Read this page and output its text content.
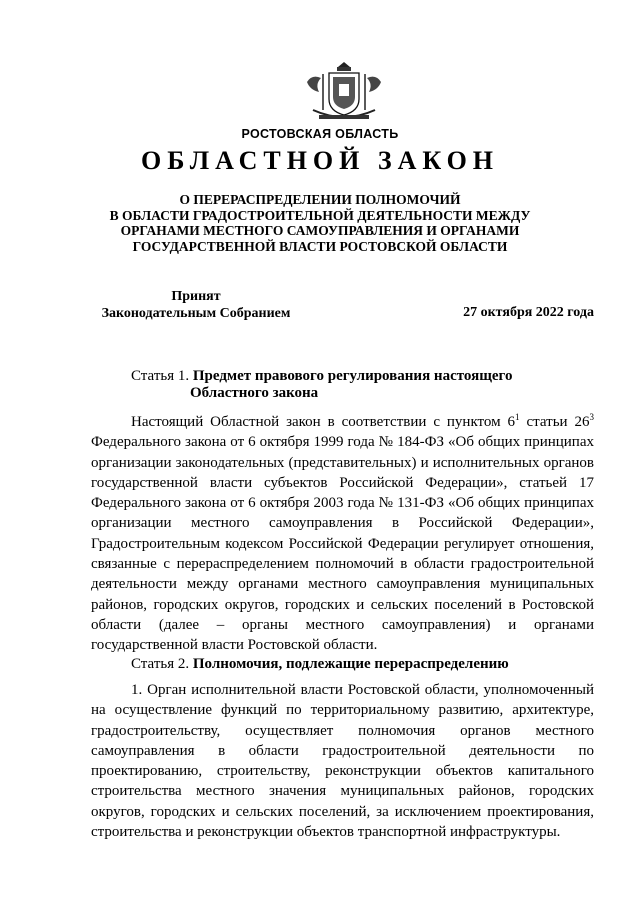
РОСТОВСКАЯ ОБЛАСТЬ
ОБЛАСТНОЙ ЗАКОН
О ПЕРЕРАСПРЕДЕЛЕНИИ ПОЛНОМОЧИЙ
В ОБЛАСТИ ГРАДОСТРОИТЕЛЬНОЙ ДЕЯТЕЛЬНОСТИ МЕЖДУ
ОРГАНАМИ МЕСТНОГО САМОУПРАВЛЕНИЯ И ОРГАНАМИ
ГОСУДАРСТВЕННОЙ ВЛАСТИ РОСТОВСКОЙ ОБЛАСТИ
Принят
Законодательным Собранием	27 октября 2022 года
Статья 1. Предмет правового регулирования настоящего
Областного закона
Настоящий Областной закон в соответствии с пунктом $6^1$ статьи $26^3$ Федерального закона от 6 октября 1999 года № 184-ФЗ «Об общих принципах организации законодательных (представительных) и исполнительных органов государственной власти субъектов Российской Федерации», статьей 17 Федерального закона от 6 октября 2003 года № 131-ФЗ «Об общих принципах организации местного самоуправления в Российской Федерации», Градостроительным кодексом Российской Федерации регулирует отношения, связанные с перераспределением полномочий в области градостроительной деятельности между органами местного самоуправления муниципальных районов, городских округов, городских и сельских поселений в Ростовской области (далее – органы местного самоуправления) и органами государственной власти Ростовской области.
Статья 2. Полномочия, подлежащие перераспределению
1. Орган исполнительной власти Ростовской области, уполномоченный на осуществление функций по территориальному развитию, архитектуре, градостроительству, осуществляет полномочия органов местного самоуправления в области градостроительной деятельности по проектированию, строительству, реконструкции объектов капитального строительства местного значения муниципальных районов, городских округов, городских и сельских поселений, за исключением проектирования, строительства и реконструкции объектов транспортной инфраструктуры.
